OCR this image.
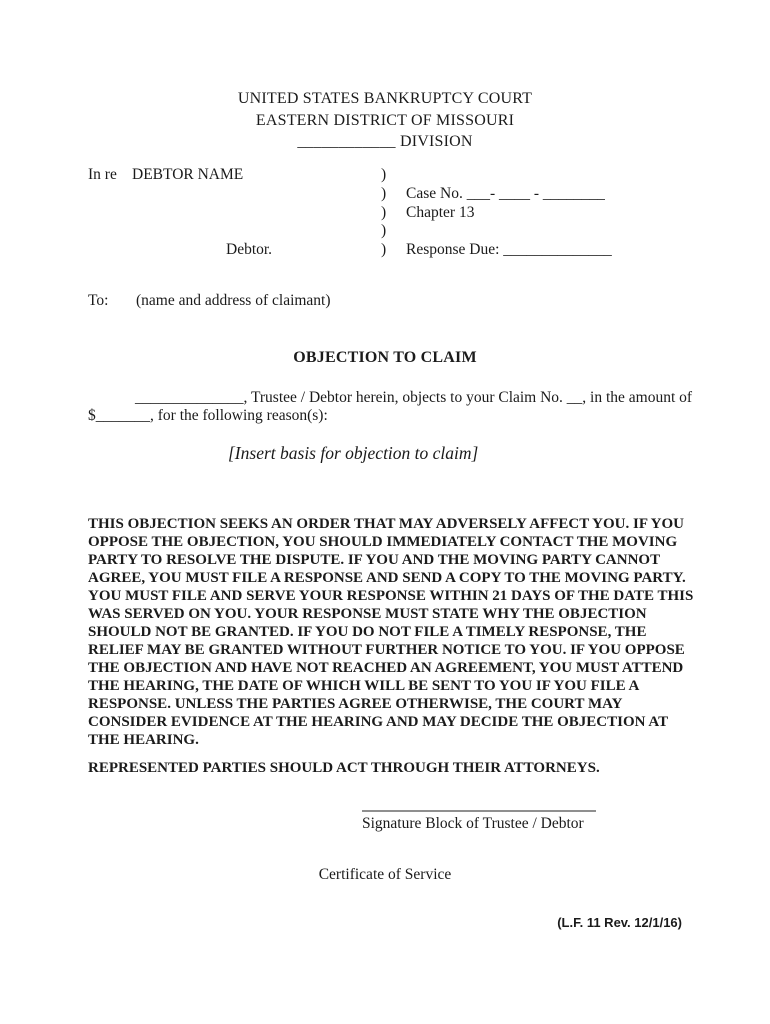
UNITED STATES BANKRUPTCY COURT
EASTERN DISTRICT OF MISSOURI
____________ DIVISION
In re DEBTOR NAME	)
)
)
)
)
Case No. ___- ____ - ________
Chapter 13
Debtor.	Response Due: ______________
To: (name and address of claimant)
OBJECTION TO CLAIM
______________, Trustee / Debtor herein, objects to your Claim No. __, in the amount of
$_______, for the following reason(s):
[Insert basis for objection to claim]
THIS OBJECTION SEEKS AN ORDER THAT MAY ADVERSELY AFFECT YOU. IF YOU
OPPOSE THE OBJECTION, YOU SHOULD IMMEDIATELY CONTACT THE MOVING
PARTY TO RESOLVE THE DISPUTE. IF YOU AND THE MOVING PARTY CANNOT
AGREE, YOU MUST FILE A RESPONSE AND SEND A COPY TO THE MOVING PARTY.
YOU MUST FILE AND SERVE YOUR RESPONSE WITHIN 21 DAYS OF THE DATE THIS
WAS SERVED ON YOU. YOUR RESPONSE MUST STATE WHY THE OBJECTION
SHOULD NOT BE GRANTED. IF YOU DO NOT FILE A TIMELY RESPONSE, THE
RELIEF MAY BE GRANTED WITHOUT FURTHER NOTICE TO YOU. IF YOU OPPOSE
THE OBJECTION AND HAVE NOT REACHED AN AGREEMENT, YOU MUST ATTEND
THE HEARING, THE DATE OF WHICH WILL BE SENT TO YOU IF YOU FILE A
RESPONSE. UNLESS THE PARTIES AGREE OTHERWISE, THE COURT MAY
CONSIDER EVIDENCE AT THE HEARING AND MAY DECIDE THE OBJECTION AT
THE HEARING.
REPRESENTED PARTIES SHOULD ACT THROUGH THEIR ATTORNEYS.
Signature Block of Trustee / Debtor
Certificate of Service
(L.F. 11 Rev. 12/1/16)
